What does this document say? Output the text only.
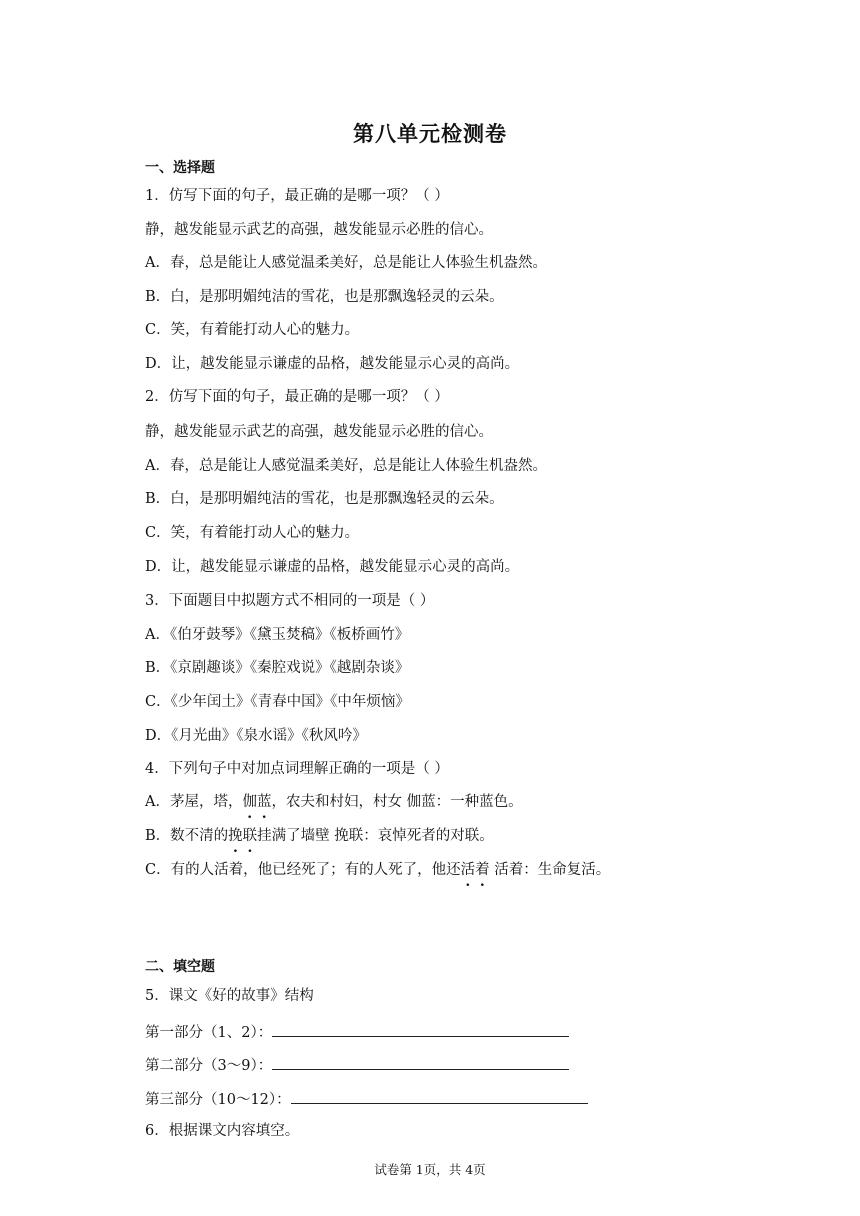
第八单元检测卷
一、选择题
1．仿写下面的句子，最正确的是哪一项？（ ）
静，越发能显示武艺的高强，越发能显示必胜的信心。
A．春，总是能让人感觉温柔美好，总是能让人体验生机盎然。
B．白，是那明媚纯洁的雪花，也是那飘逸轻灵的云朵。
C．笑，有着能打动人心的魅力。
D．让，越发能显示谦虚的品格，越发能显示心灵的高尚。
2．仿写下面的句子，最正确的是哪一项？（ ）
静，越发能显示武艺的高强，越发能显示必胜的信心。
A．春，总是能让人感觉温柔美好，总是能让人体验生机盎然。
B．白，是那明媚纯洁的雪花，也是那飘逸轻灵的云朵。
C．笑，有着能打动人心的魅力。
D．让，越发能显示谦虚的品格，越发能显示心灵的高尚。
3．下面题目中拟题方式不相同的一项是（ ）
A．《伯牙鼓琴》《黛玉焚稿》《板桥画竹》
B．《京剧趣谈》《秦腔戏说》《越剧杂谈》
C．《少年闰土》《青春中国》《中年烦恼》
D．《月光曲》《泉水谣》《秋风吟》
4．下列句子中对加点词理解正确的一项是（ ）
A．茅屋，塔，伽蓝，农夫和村妇，村女 伽蓝：一种蓝色。
B．数不清的挽联挂满了墙壁 挽联：哀悼死者的对联。
C．有的人活着，他已经死了；有的人死了，他还活着 活着：生命复活。
二、填空题
5．课文《好的故事》结构
第一部分（1、2）：
第二部分（3～9）：
第三部分（10～12）：
6．根据课文内容填空。
试卷第 1页，共 4页
